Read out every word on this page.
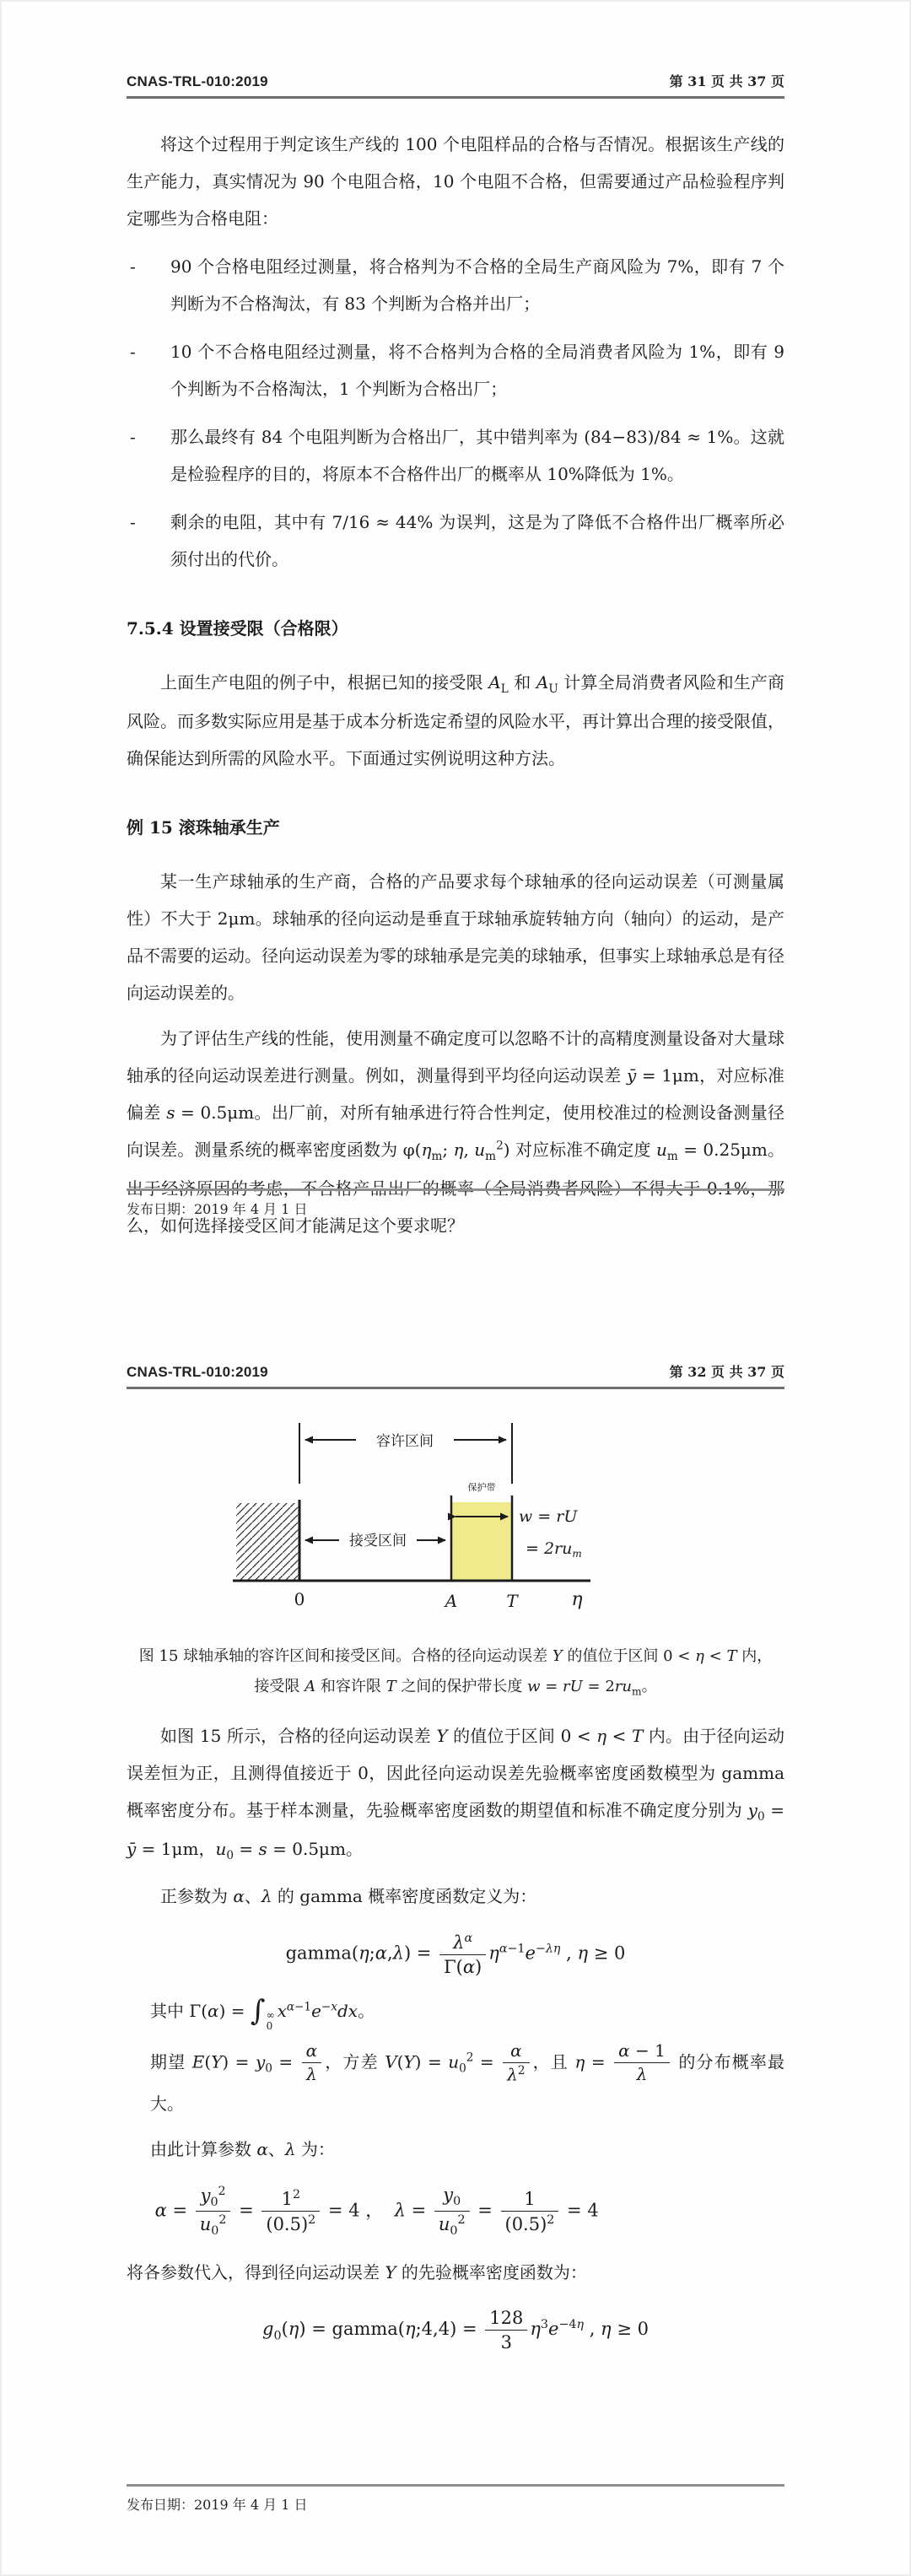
CNAS-TRL-010:2019	第 31 页 共 37 页

将这个过程用于判定该生产线的 100 个电阻样品的合格与否情况。根据该生产线的生产能力，真实情况为 90 个电阻合格，10 个电阻不合格，但需要通过产品检验程序判定哪些为合格电阻：

- 90 个合格电阻经过测量，将合格判为不合格的全局生产商风险为 7%，即有 7 个判断为不合格淘汰，有 83 个判断为合格并出厂；
- 10 个不合格电阻经过测量，将不合格判为合格的全局消费者风险为 1%，即有 9 个判断为不合格淘汰，1 个判断为合格出厂；
- 那么最终有 84 个电阻判断为合格出厂，其中错判率为 (84−83)/84 ≈ 1%。这就是检验程序的目的，将原本不合格件出厂的概率从 10%降低为 1%。
- 剩余的电阻，其中有 7/16 ≈ 44% 为误判，这是为了降低不合格件出厂概率所必须付出的代价。
7.5.4 设置接受限（合格限）

上面生产电阻的例子中，根据已知的接受限 $A_L$ 和 $A_U$ 计算全局消费者风险和生产商风险。而多数实际应用是基于成本分析选定希望的风险水平，再计算出合理的接受限值，确保能达到所需的风险水平。下面通过实例说明这种方法。

例 15 滚珠轴承生产

某一生产球轴承的生产商，合格的产品要求每个球轴承的径向运动误差（可测量属性）不大于 2μm。球轴承的径向运动是垂直于球轴承旋转轴方向（轴向）的运动，是产品不需要的运动。径向运动误差为零的球轴承是完美的球轴承，但事实上球轴承总是有径向运动误差的。

为了评估生产线的性能，使用测量不确定度可以忽略不计的高精度测量设备对大量球轴承的径向运动误差进行测量。例如，测量得到平均径向运动误差 ȳ = 1μm，对应标准偏差 s = 0.5μm。出厂前，对所有轴承进行符合性判定，使用校准过的检测设备测量径向误差。测量系统的概率密度函数为 $\varphi(\eta_m$; η, $u_m^2$) 对应标准不确定度 $u_m = 0.25\mu m$。出于经济原因的考虑，不合格产品出厂的概率（全局消费者风险）不得大于 0.1%，那么，如何选择接受区间才能满足这个要求呢？

发布日期：2019 年 4 月 1 日
CNAS-TRL-010:2019	第 32 页 共 37 页
容许区间
保护带
接受区间
w = rU
= $2ru_m$
0	A	T	η

图 15 球轴承轴的容许区间和接受区间。合格的径向运动误差 Y 的值位于区间 0 < η < T 内，
接受限 A 和容许限 T 之间的保护带长度 w = rU = $2ru_m$。

如图 15 所示，合格的径向运动误差 Y 的值位于区间 0 < η < T 内。由于径向运动误差恒为正，且测得值接近于 0，因此径向运动误差先验概率密度函数模型为 gamma 概率密度分布。基于样本测量，先验概率密度函数的期望值和标准不确定度分别为 $y_0$ = ȳ = 1μm，$u_0 = s = 0.5\mu m$。

正参数为 α、λ 的 gamma 概率密度函数定义为：

gamma(η;α,λ) = $\frac{\lambda^\alpha}{\Gamma(\alpha)} \eta^{\alpha-1}e^{-\lambda\eta}$ , η ≥ 0

其中 Γ(α) = ∫ ∞
0
$x^{\alpha-1}e^{-x}dx$。

期望 $E(Y) = y_0 = \frac{\alpha}{\lambda}$ ，方差 $V(Y) = u_0^2 = \frac{\alpha}{\lambda^2}$ ，且 $\eta = \frac{\alpha - 1}{\lambda}$ 的分布概率最大。

由此计算参数 α、λ 为：

$\alpha = \frac{y_0^2}{u_0^2} = \frac{1^2}{(0.5)^2} = 4$ ，  $\lambda = \frac{y_0}{u_0^2} = \frac{1}{(0.5)^2} = 4$

将各参数代入，得到径向运动误差 Y 的先验概率密度函数为：

$g_0(\eta)$ = gamma(η;4,4) = $\frac{128}{3} \eta^3e^{-4\eta}$ , η ≥ 0
发布日期：2019 年 4 月 1 日
